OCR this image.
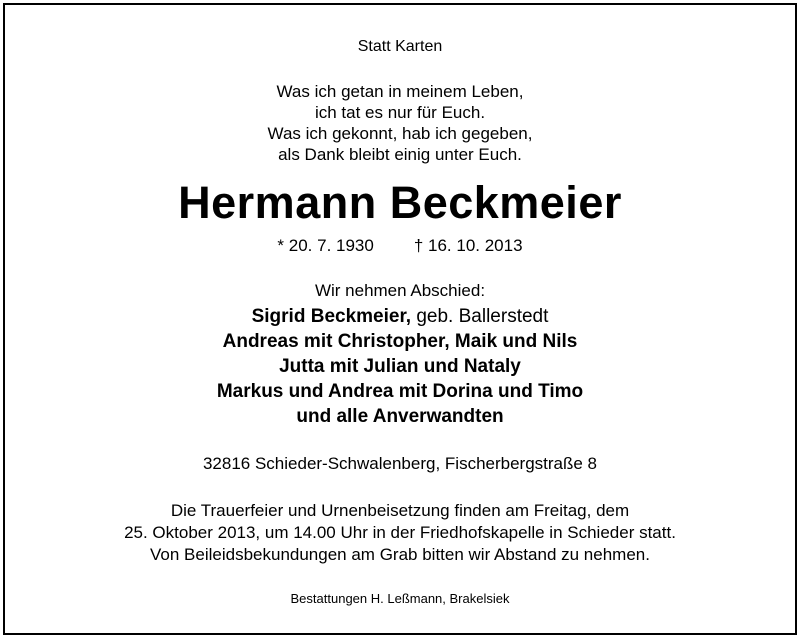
Statt Karten
Was ich getan in meinem Leben,
ich tat es nur für Euch.
Was ich gekonnt, hab ich gegeben,
als Dank bleibt einig unter Euch.
Hermann Beckmeier
* 20. 7. 1930 † 16. 10. 2013
Wir nehmen Abschied:
Sigrid Beckmeier, geb. Ballerstedt
Andreas mit Christopher, Maik und Nils
Jutta mit Julian und Nataly
Markus und Andrea mit Dorina und Timo
und alle Anverwandten
32816 Schieder-Schwalenberg, Fischerbergstraße 8
Die Trauerfeier und Urnenbeisetzung finden am Freitag, dem
25. Oktober 2013, um 14.00 Uhr in der Friedhofskapelle in Schieder statt.
Von Beileidsbekundungen am Grab bitten wir Abstand zu nehmen.
Bestattungen H. Leßmann, Brakelsiek
